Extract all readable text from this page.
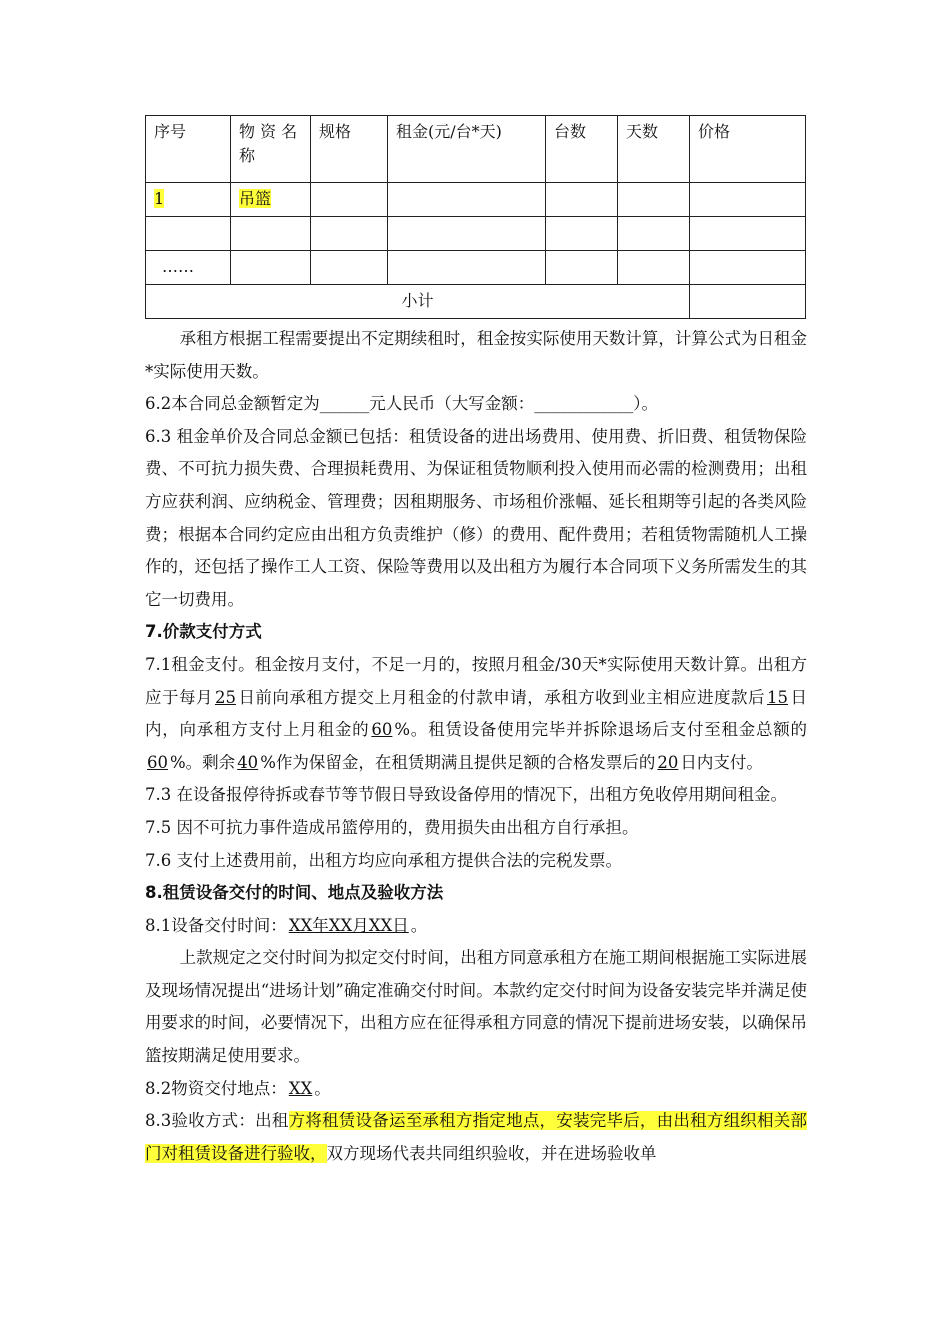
序号	物 资 名 称	规格	租金(元/台*天)	台数	天数	价格
1	吊篮					

……						
小计						

承租方根据工程需要提出不定期续租时，租金按实际使用天数计算，计算公式为日租金*实际使用天数。

6.2本合同总金额暂定为______元人民币（大写金额：____________）。

6.3 租金单价及合同总金额已包括：租赁设备的进出场费用、使用费、折旧费、租赁物保险费、不可抗力损失费、合理损耗费用、为保证租赁物顺利投入使用而必需的检测费用；出租方应获利润、应纳税金、管理费；因租期服务、市场租价涨幅、延长租期等引起的各类风险费；根据本合同约定应由出租方负责维护（修）的费用、配件费用；若租赁物需随机人工操作的，还包括了操作工人工资、保险等费用以及出租方为履行本合同项下义务所需发生的其它一切费用。

7.价款支付方式

7.1租金支付。租金按月支付，不足一月的，按照月租金/30天*实际使用天数计算。出租方应于每月 25 日前向承租方提交上月租金的付款申请，承租方收到业主相应进度款后 15 日内，向承租方支付上月租金的 60 %。租赁设备使用完毕并拆除退场后支付至租金总额的60 %。剩余 40 %作为保留金，在租赁期满且提供足额的合格发票后的 20 日内支付。

7.3 在设备报停待拆或春节等节假日导致设备停用的情况下，出租方免收停用期间租金。

7.5 因不可抗力事件造成吊篮停用的，费用损失由出租方自行承担。

7.6 支付上述费用前，出租方均应向承租方提供合法的完税发票。

8.租赁设备交付的时间、地点及验收方法

8.1设备交付时间： XX年XX月XX日 。

上款规定之交付时间为拟定交付时间，出租方同意承租方在施工期间根据施工实际进展及现场情况提出“进场计划”确定准确交付时间。本款约定交付时间为设备安装完毕并满足使用要求的时间，必要情况下，出租方应在征得承租方同意的情况下提前进场安装，以确保吊篮按期满足使用要求。

8.2物资交付地点： XX 。

8.3验收方式：出租方将租赁设备运至承租方指定地点，安装完毕后，由出租方组织相关部门对租赁设备进行验收，双方现场代表共同组织验收，并在进场验收单
